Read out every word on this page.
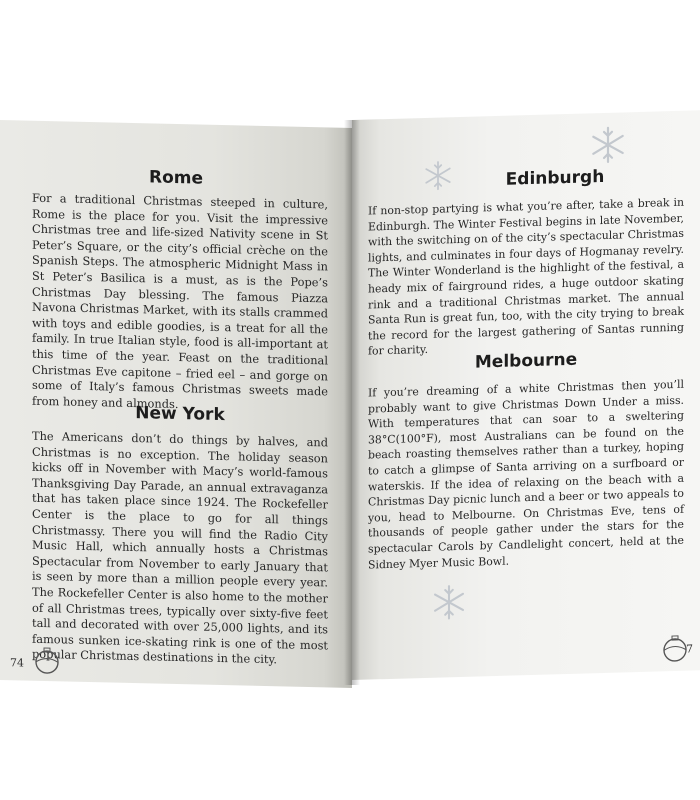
Rome

For a traditional Christmas steeped in culture, Rome is the place for you. Visit the impressive Christmas tree and life-sized Nativity scene in St Peter’s Square, or the city’s official crèche on the Spanish Steps. The atmospheric Midnight Mass in St Peter’s Basilica is a must, as is the Pope’s Christmas Day blessing. The famous Piazza Navona Christmas Market, with its stalls crammed with toys and edible goodies, is a treat for all the family. In true Italian style, food is all-important at this time of the year. Feast on the traditional Christmas Eve capitone – fried eel – and gorge on some of Italy’s famous Christmas sweets made from honey and almonds.

New York

The Americans don’t do things by halves, and Christmas is no exception. The holiday season kicks off in November with Macy’s world-famous Thanksgiving Day Parade, an annual extravaganza that has taken place since 1924. The Rockefeller Center is the place to go for all things Christmassy. There you will find the Radio City Music Hall, which annually hosts a Christmas Spectacular from November to early January that is seen by more than a million people every year. The Rockefeller Center is also home to the mother of all Christmas trees, typically over sixty-five feet tall and decorated with over 25,000 lights, and its famous sunken ice-skating rink is one of the most popular Christmas destinations in the city.

74
Edinburgh

If non-stop partying is what you’re after, take a break in Edinburgh. The Winter Festival begins in late November, with the switching on of the city’s spectacular Christmas lights, and culminates in four days of Hogmanay revelry. The Winter Wonderland is the highlight of the festival, a heady mix of fairground rides, a huge outdoor skating rink and a traditional Christmas market. The annual Santa Run is great fun, too, with the city trying to break the record for the largest gathering of Santas running for charity.	Melbourne

If you’re dreaming of a white Christmas then you’ll probably want to give Christmas Down Under a miss. With temperatures that can soar to a sweltering 38°C(100°F), most Australians can be found on the beach roasting themselves rather than a turkey, hoping to catch a glimpse of Santa arriving on a surfboard or waterskis. If the idea of relaxing on the beach with a Christmas Day picnic lunch and a beer or two appeals to you, head to Melbourne. On Christmas Eve, tens of thousands of people gather under the stars for the spectacular Carols by Candlelight concert, held at the Sidney Myer Music Bowl.

7
